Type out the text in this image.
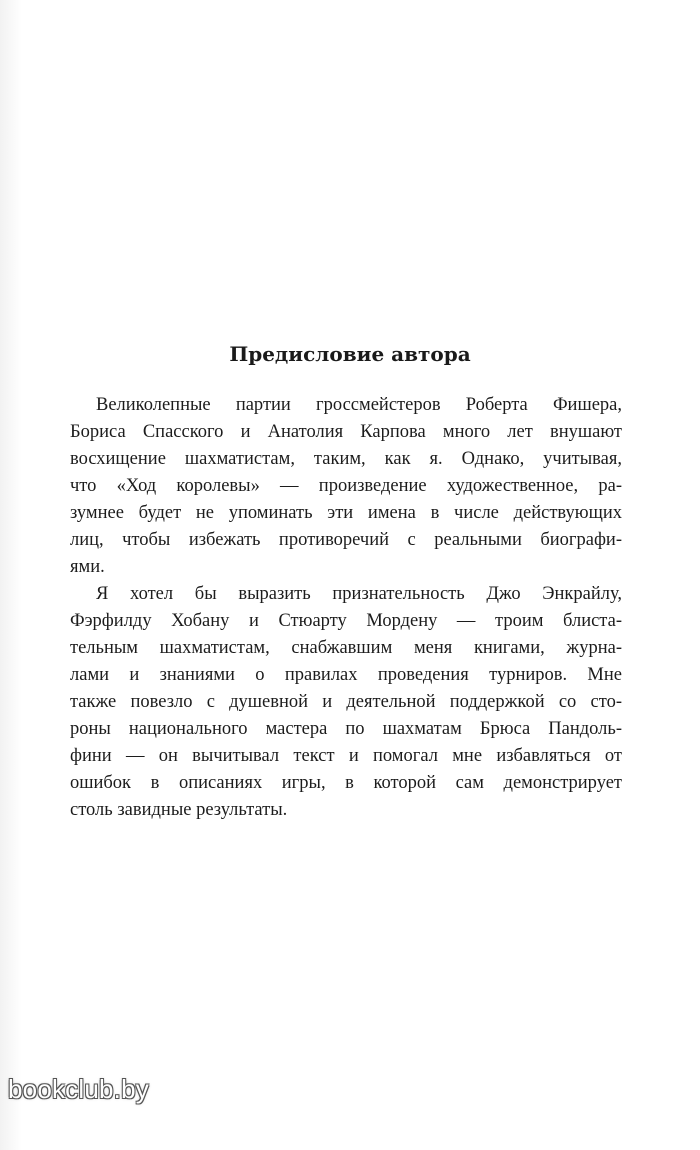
Предисловие автора
Великолепные партии гроссмейстеров Роберта Фишера,
Бориса Спасского и Анатолия Карпова много лет внушают
восхищение шахматистам, таким, как я. Однако, учитывая,
что «Ход королевы» — произведение художественное, ра-
зумнее будет не упоминать эти имена в числе действующих
лиц, чтобы избежать противоречий с реальными биографи-
ями.
Я хотел бы выразить признательность Джо Энкрайлу,
Фэрфилду Хобану и Стюарту Мордену — троим блиста-
тельным шахматистам, снабжавшим меня книгами, журна-
лами и знаниями о правилах проведения турниров. Мне
также повезло с душевной и деятельной поддержкой со сто-
роны национального мастера по шахматам Брюса Пандоль-
фини — он вычитывал текст и помогал мне избавляться от
ошибок в описаниях игры, в которой сам демонстрирует
столь завидные результаты.
bookclub.by
